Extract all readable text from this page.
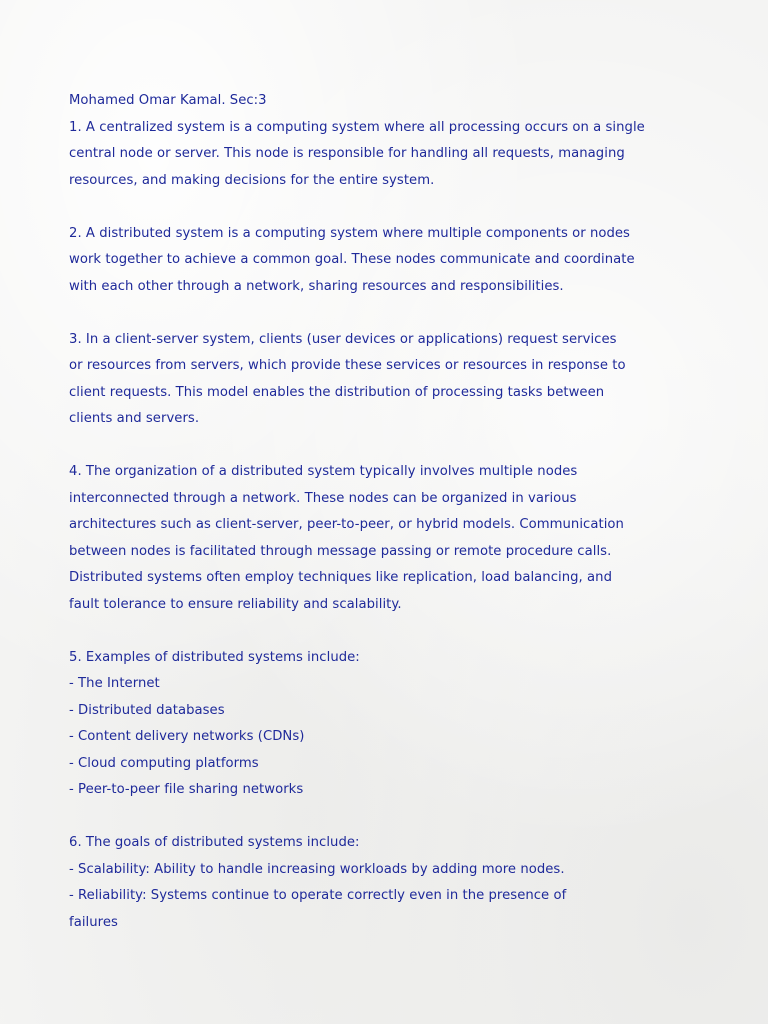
Mohamed Omar Kamal. Sec:3
1. A centralized system is a computing system where all processing occurs on a single
central node or server. This node is responsible for handling all requests, managing
resources, and making decisions for the entire system.
2. A distributed system is a computing system where multiple components or nodes
work together to achieve a common goal. These nodes communicate and coordinate
with each other through a network, sharing resources and responsibilities.
3. In a client-server system, clients (user devices or applications) request services
or resources from servers, which provide these services or resources in response to
client requests. This model enables the distribution of processing tasks between
clients and servers.
4. The organization of a distributed system typically involves multiple nodes
interconnected through a network. These nodes can be organized in various
architectures such as client-server, peer-to-peer, or hybrid models. Communication
between nodes is facilitated through message passing or remote procedure calls.
Distributed systems often employ techniques like replication, load balancing, and
fault tolerance to ensure reliability and scalability.
5. Examples of distributed systems include:
- The Internet
- Distributed databases
- Content delivery networks (CDNs)
- Cloud computing platforms
- Peer-to-peer file sharing networks
6. The goals of distributed systems include:
- Scalability: Ability to handle increasing workloads by adding more nodes.
- Reliability: Systems continue to operate correctly even in the presence of
failures
